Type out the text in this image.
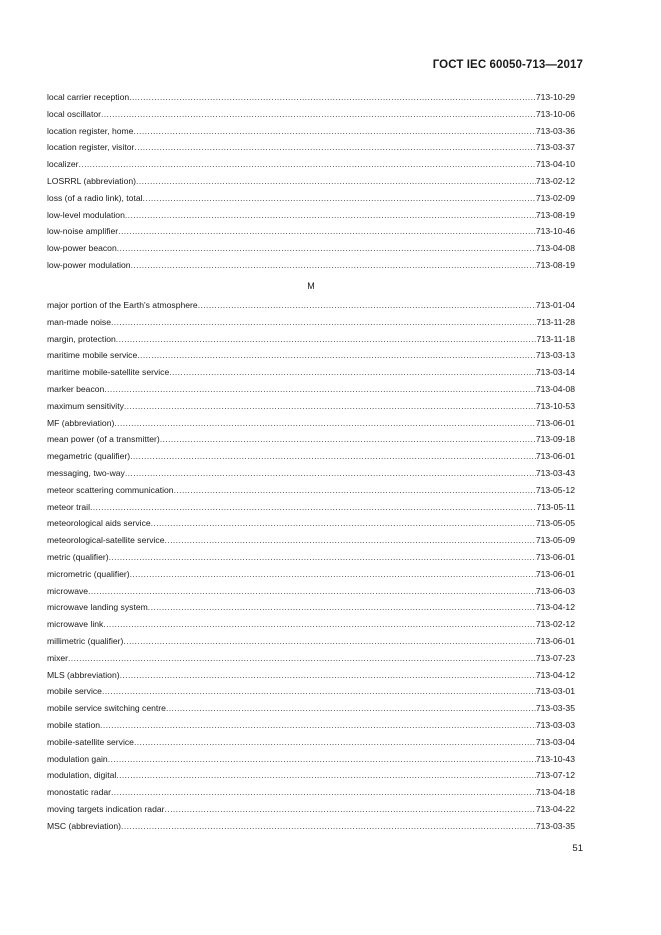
ГОСТ IEC 60050-713—2017
local carrier reception .....	713-10-29
local oscillator .....	713-10-06
location register, home .....	713-03-36
location register, visitor .....	713-03-37
localizer .....	713-04-10
LOSRRL (abbreviation) .....	713-02-12
loss (of a radio link), total .....	713-02-09
low-level modulation .....	713-08-19
low-noise amplifier .....	713-10-46
low-power beacon .....	713-04-08
low-power modulation .....	713-08-19
M
major portion of the Earth's atmosphere .....	713-01-04
man-made noise .....	713-11-28
margin, protection .....	713-11-18
maritime mobile service .....	713-03-13
maritime mobile-satellite service .....	713-03-14
marker beacon .....	713-04-08
maximum sensitivity .....	713-10-53
MF (abbreviation) .....	713-06-01
mean power (of a transmitter) .....	713-09-18
megametric (qualifier) .....	713-06-01
messaging, two-way .....	713-03-43
meteor scattering communication .....	713-05-12
meteor trail .....	713-05-11
meteorological aids service .....	713-05-05
meteorological-satellite service .....	713-05-09
metric (qualifier) .....	713-06-01
micrometric (qualifier) .....	713-06-01
microwave .....	713-06-03
microwave landing system .....	713-04-12
microwave link .....	713-02-12
millimetric (qualifier) .....	713-06-01
mixer .....	713-07-23
MLS (abbreviation) .....	713-04-12
mobile service .....	713-03-01
mobile service switching centre .....	713-03-35
mobile station .....	713-03-03
mobile-satellite service .....	713-03-04
modulation gain .....	713-10-43
modulation, digital .....	713-07-12
monostatic radar .....	713-04-18
moving targets indication radar .....	713-04-22
MSC (abbreviation) .....	713-03-35
51
